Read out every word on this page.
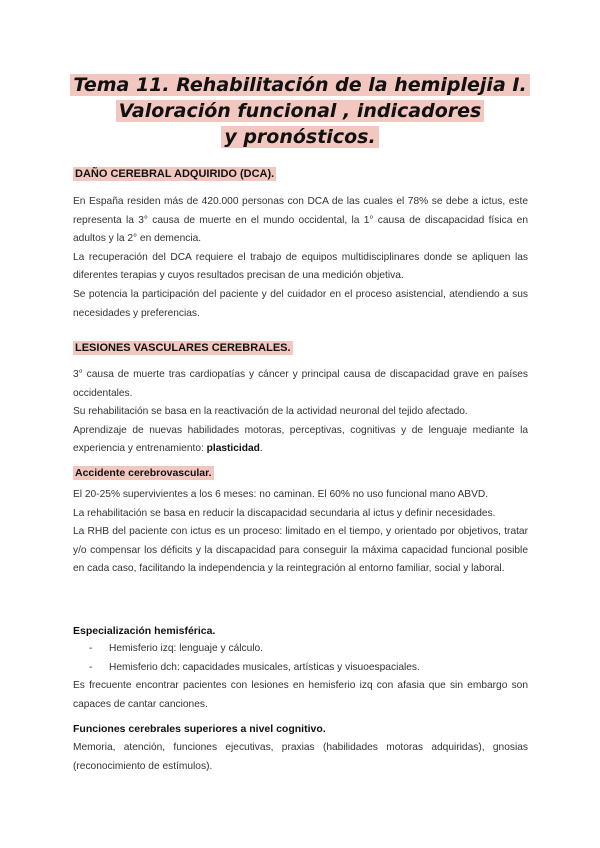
Tema 11. Rehabilitación de la hemiplejia I.
Valoración funcional , indicadores
y pronósticos.
DAÑO CEREBRAL ADQUIRIDO (DCA).

En España residen más de 420.000 personas con DCA de las cuales el 78% se debe a ictus, este representa la 3° causa de muerte en el mundo occidental, la 1° causa de discapacidad física en adultos y la 2° en demencia.

La recuperación del DCA requiere el trabajo de equipos multidisciplinares donde se apliquen las diferentes terapias y cuyos resultados precisan de una medición objetiva.

Se potencia la participación del paciente y del cuidador en el proceso asistencial, atendiendo a sus necesidades y preferencias.

LESIONES VASCULARES CEREBRALES.

3° causa de muerte tras cardiopatías y cáncer y principal causa de discapacidad grave en países occidentales.

Su rehabilitación se basa en la reactivación de la actividad neuronal del tejido afectado.

Aprendizaje de nuevas habilidades motoras, perceptivas, cognitivas y de lenguaje mediante la experiencia y entrenamiento: plasticidad.

Accidente cerebrovascular.

El 20-25% supervivientes a los 6 meses: no caminan. El 60% no uso funcional mano ABVD.

La rehabilitación se basa en reducir la discapacidad secundaria al ictus y definir necesidades.

La RHB del paciente con ictus es un proceso: limitado en el tiempo, y orientado por objetivos, tratar y/o compensar los déficits y la discapacidad para conseguir la máxima capacidad funcional posible en cada caso, facilitando la independencia y la reintegración al entorno familiar, social y laboral.

Especialización hemisférica.
- Hemisferio izq: lenguaje y cálculo.
- Hemisferio dch: capacidades musicales, artísticas y visuoespaciales.

Es frecuente encontrar pacientes con lesiones en hemisferio izq con afasia que sin embargo son capaces de cantar canciones.

Funciones cerebrales superiores a nivel cognitivo.

Memoria, atención, funciones ejecutivas, praxias (habilidades motoras adquiridas), gnosias (reconocimiento de estímulos).
